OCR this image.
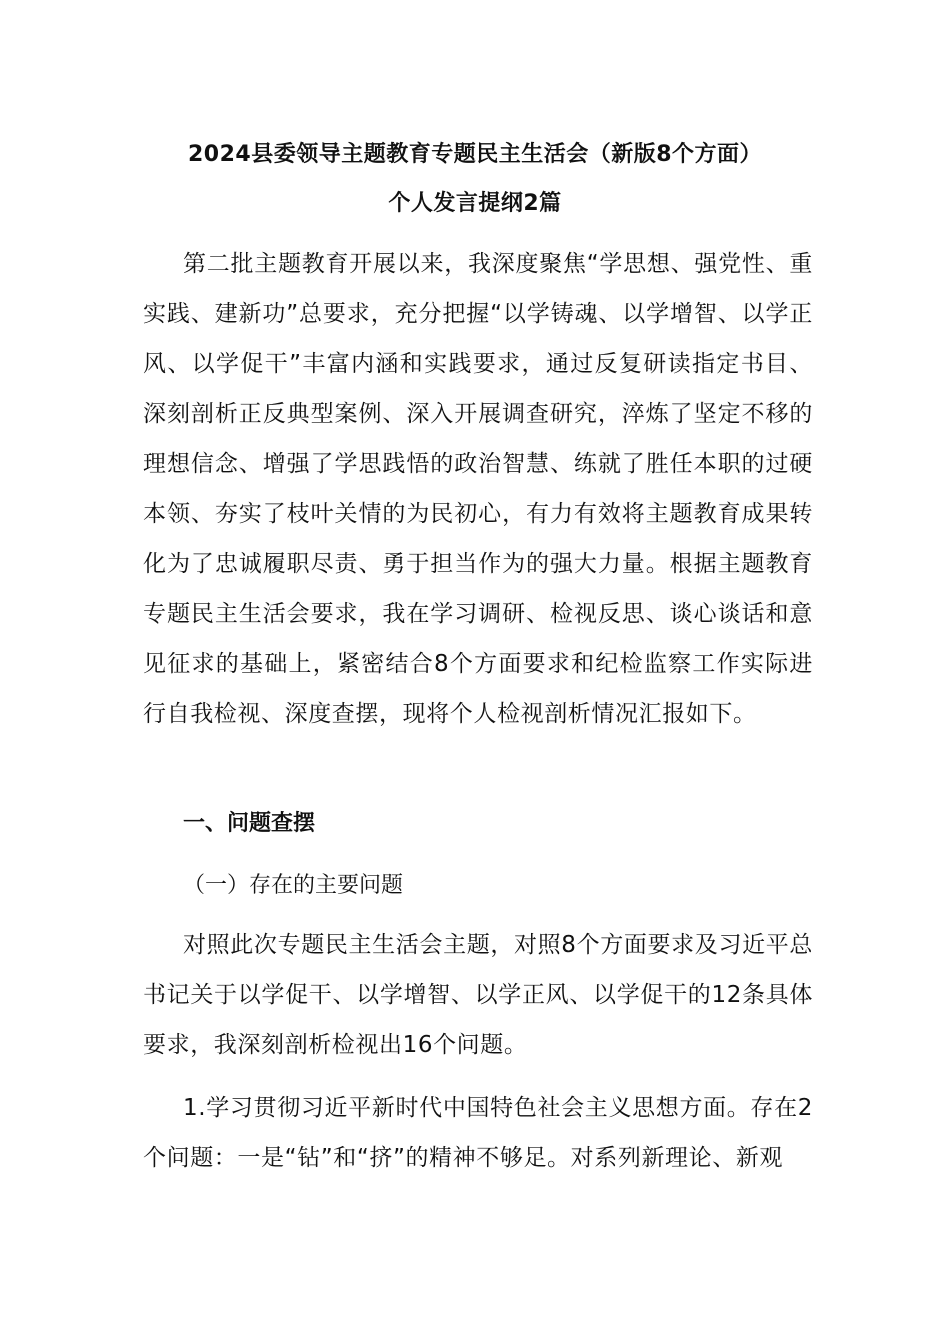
2024县委领导主题教育专题民主生活会（新版8个方面）
个人发言提纲2篇

第二批主题教育开展以来，我深度聚焦“学思想、强党性、重实践、建新功”总要求，充分把握“以学铸魂、以学增智、以学正风、以学促干”丰富内涵和实践要求，通过反复研读指定书目、深刻剖析正反典型案例、深入开展调查研究，淬炼了坚定不移的理想信念、增强了学思践悟的政治智慧、练就了胜任本职的过硬本领、夯实了枝叶关情的为民初心，有力有效将主题教育成果转化为了忠诚履职尽责、勇于担当作为的强大力量。根据主题教育专题民主生活会要求，我在学习调研、检视反思、谈心谈话和意见征求的基础上，紧密结合8个方面要求和纪检监察工作实际进行自我检视、深度查摆，现将个人检视剖析情况汇报如下。

一、问题查摆
（一）存在的主要问题

对照此次专题民主生活会主题，对照8个方面要求及习近平总书记关于以学促干、以学增智、以学正风、以学促干的12条具体要求，我深刻剖析检视出16个问题。

1.学习贯彻习近平新时代中国特色社会主义思想方面。存在2个问题：一是“钻”和“挤”的精神不够足。对系列新理论、新观
